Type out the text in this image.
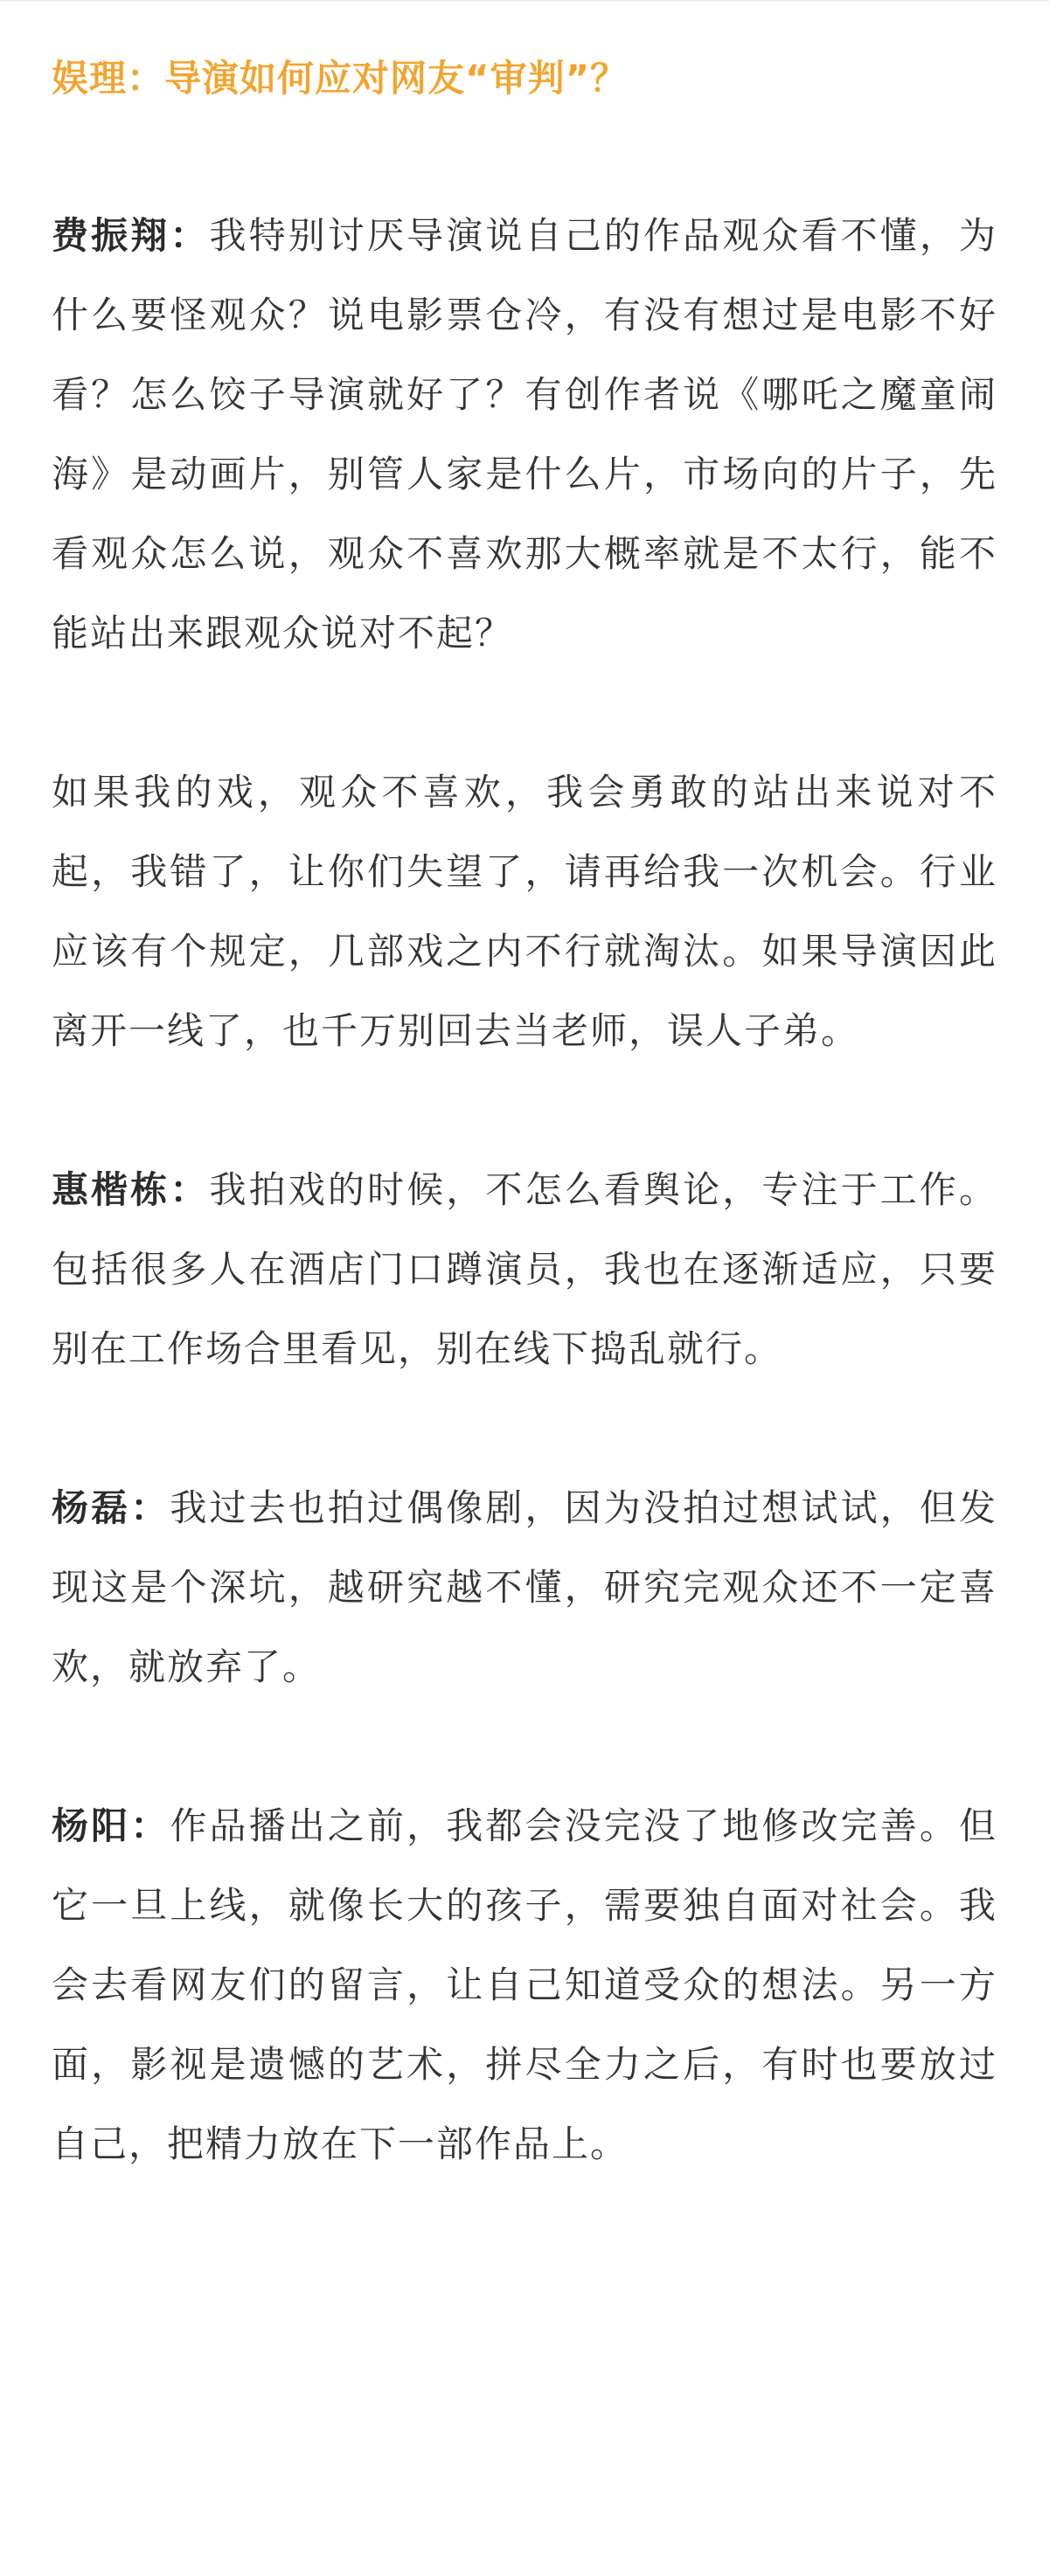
娱理：导演如何应对网友“审判”？

费振翔：我特别讨厌导演说自己的作品观众看不懂，为什么要怪观众？说电影票仓冷，有没有想过是电影不好看？怎么饺子导演就好了？有创作者说《哪吒之魔童闹海》是动画片，别管人家是什么片，市场向的片子，先看观众怎么说，观众不喜欢那大概率就是不太行，能不能站出来跟观众说对不起？

如果我的戏，观众不喜欢，我会勇敢的站出来说对不起，我错了，让你们失望了，请再给我一次机会。行业应该有个规定，几部戏之内不行就淘汰。如果导演因此离开一线了，也千万别回去当老师，误人子弟。

惠楷栋：我拍戏的时候，不怎么看舆论，专注于工作。包括很多人在酒店门口蹲演员，我也在逐渐适应，只要别在工作场合里看见，别在线下捣乱就行。

杨磊：我过去也拍过偶像剧，因为没拍过想试试，但发现这是个深坑，越研究越不懂，研究完观众还不一定喜欢，就放弃了。

杨阳：作品播出之前，我都会没完没了地修改完善。但它一旦上线，就像长大的孩子，需要独自面对社会。我会去看网友们的留言，让自己知道受众的想法。另一方面，影视是遗憾的艺术，拼尽全力之后，有时也要放过自己，把精力放在下一部作品上。
